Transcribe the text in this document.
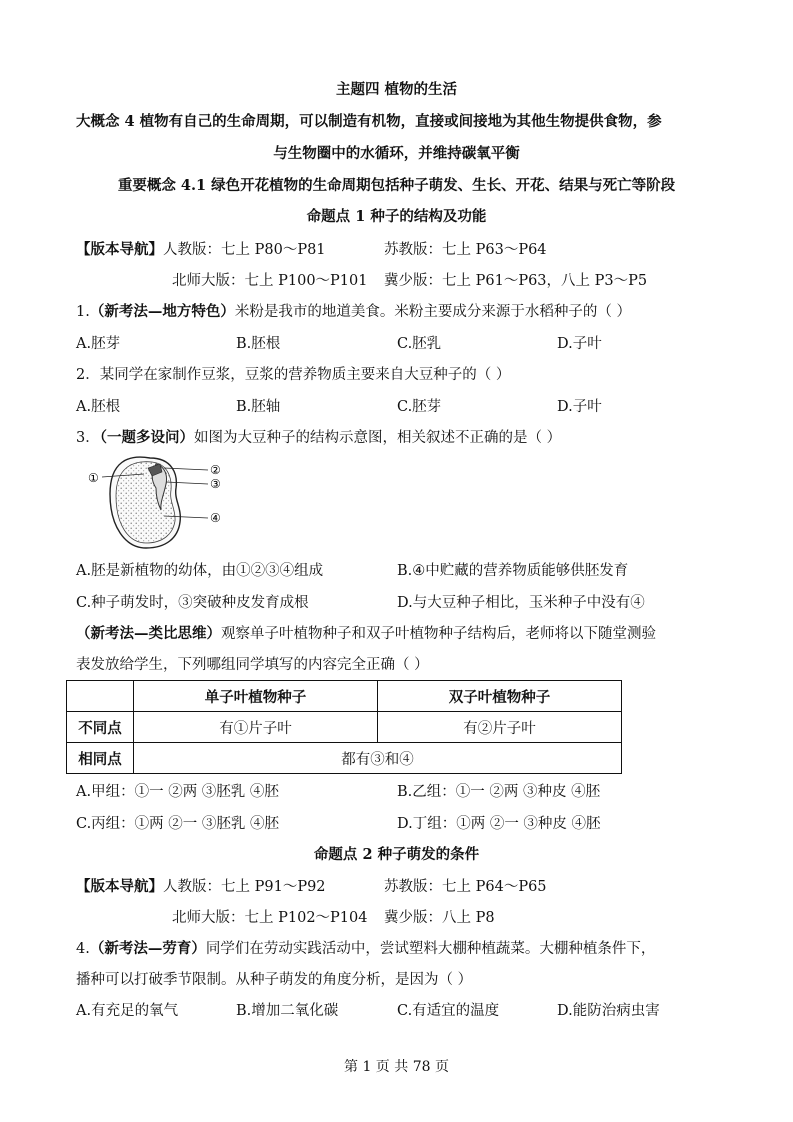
主题四 植物的生活
大概念 4 植物有自己的生命周期，可以制造有机物，直接或间接地为其他生物提供食物，参
与生物圈中的水循环，并维持碳氧平衡
重要概念 4.1 绿色开花植物的生命周期包括种子萌发、生长、开花、结果与死亡等阶段
命题点 1 种子的结构及功能
【版本导航】人教版：七上 P80～P81	苏教版：七上 P63～P64
北师大版：七上 P100～P101 冀少版：七上 P61～P63，八上 P3～P5
1.（新考法—地方特色）米粉是我市的地道美食。米粉主要成分来源于水稻种子的（ ）
A.胚芽	B.胚根	C.胚乳	D.子叶
2．某同学在家制作豆浆，豆浆的营养物质主要来自大豆种子的（ ）
A.胚根	B.胚轴	C.胚芽	D.子叶
3．（一题多设问）如图为大豆种子的结构示意图，相关叙述不正确的是（ ）
①
②
③
④
A.胚是新植物的幼体，由①②③④组成	B.④中贮藏的营养物质能够供胚发育
C.种子萌发时，③突破种皮发育成根	D.与大豆种子相比，玉米种子中没有④
（新考法—类比思维）观察单子叶植物种子和双子叶植物种子结构后，老师将以下随堂测验
表发放给学生，下列哪组同学填写的内容完全正确（ ）
	单子叶植物种子	双子叶植物种子
不同点	有①片子叶	有②片子叶
相同点	都有③和④	
A.甲组：①一 ②两 ③胚乳 ④胚	B.乙组：①一 ②两 ③种皮 ④胚
C.丙组：①两 ②一 ③胚乳 ④胚	D.丁组：①两 ②一 ③种皮 ④胚
命题点 2 种子萌发的条件
【版本导航】人教版：七上 P91～P92	苏教版：七上 P64～P65
北师大版：七上 P102～P104 冀少版：八上 P8
4.（新考法—劳育）同学们在劳动实践活动中，尝试塑料大棚种植蔬菜。大棚种植条件下，
播种可以打破季节限制。从种子萌发的角度分析，是因为（ ）
A.有充足的氧气	B.增加二氧化碳	C.有适宜的温度	D.能防治病虫害
第 1 页 共 78 页
